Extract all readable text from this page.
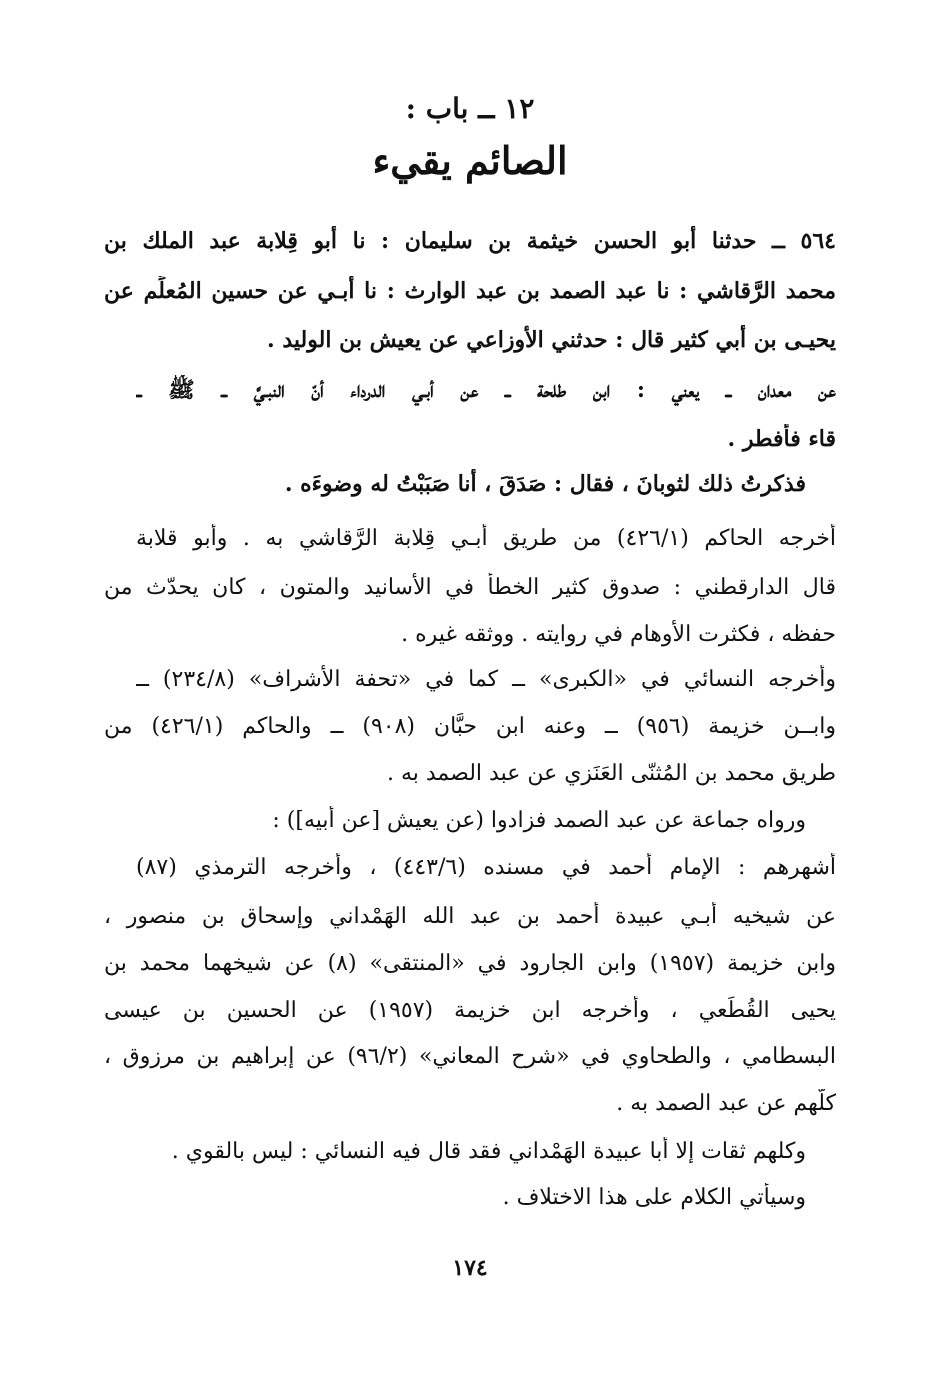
١٢ ــ باب :
الصائم يقيء
٥٦٤ ــ حدثنا أبو الحسن خيثمة بن سليمان : نا أبو قِلابة عبد الملك بن
محمد الرَّقاشي : نا عبد الصمد بن عبد الوارث : نا أبـي عن حسين المُعلِّم عن
يحيـى بن أبي كثير قال : حدثني الأوزاعي عن يعيش بن الوليد .
عن معدان ــ يعني : ابن طلحة ــ عن أبـي الدرداء أنّ النبـيَّ ــ ﷺ ــ
قاء فأفطر .
فذكرتُ ذلك لثوبانَ ، فقال : صَدَقَ ، أنا صَبَبْتُ له وضوءَه .
أخرجه الحاكم (٤٢٦/١) من طريق أبـي قِلابة الرَّقاشي به . وأبو قلابة
قال الدارقطني : صدوق كثير الخطأ في الأسانيد والمتون ، كان يحدّث من
حفظه ، فكثرت الأوهام في روايته . ووثقه غيره .
وأخرجه النسائي في «الكبرى» ــ كما في «تحفة الأشراف» (٢٣٤/٨) ــ
وابــن خزيمة (٩٥٦) ــ وعنه ابن حبَّان (٩٠٨) ــ والحاكم (٤٢٦/١) من
طريق محمد بن المُثنّى العَنَزي عن عبد الصمد به .
ورواه جماعة عن عبد الصمد فزادوا (عن يعيش [عن أبيه]) :
أشهرهم : الإمام أحمد في مسنده (٤٤٣/٦) ، وأخرجه الترمذي (٨٧)
عن شيخيه أبـي عبيدة أحمد بن عبد الله الهَمْداني وإسحاق بن منصور ،
وابن خزيمة (١٩٥٧) وابن الجارود في «المنتقى» (٨) عن شيخهما محمد بن
يحيى القُطَعي ، وأخرجه ابن خزيمة (١٩٥٧) عن الحسين بن عيسى
البسطامي ، والطحاوي في «شرح المعاني» (٩٦/٢) عن إبراهيم بن مرزوق ،
كلُّهم عن عبد الصمد به .
وكلهم ثقات إلا أبا عبيدة الهَمْداني فقد قال فيه النسائي : ليس بالقوي .
وسيأتي الكلام على هذا الاختلاف .
١٧٤
